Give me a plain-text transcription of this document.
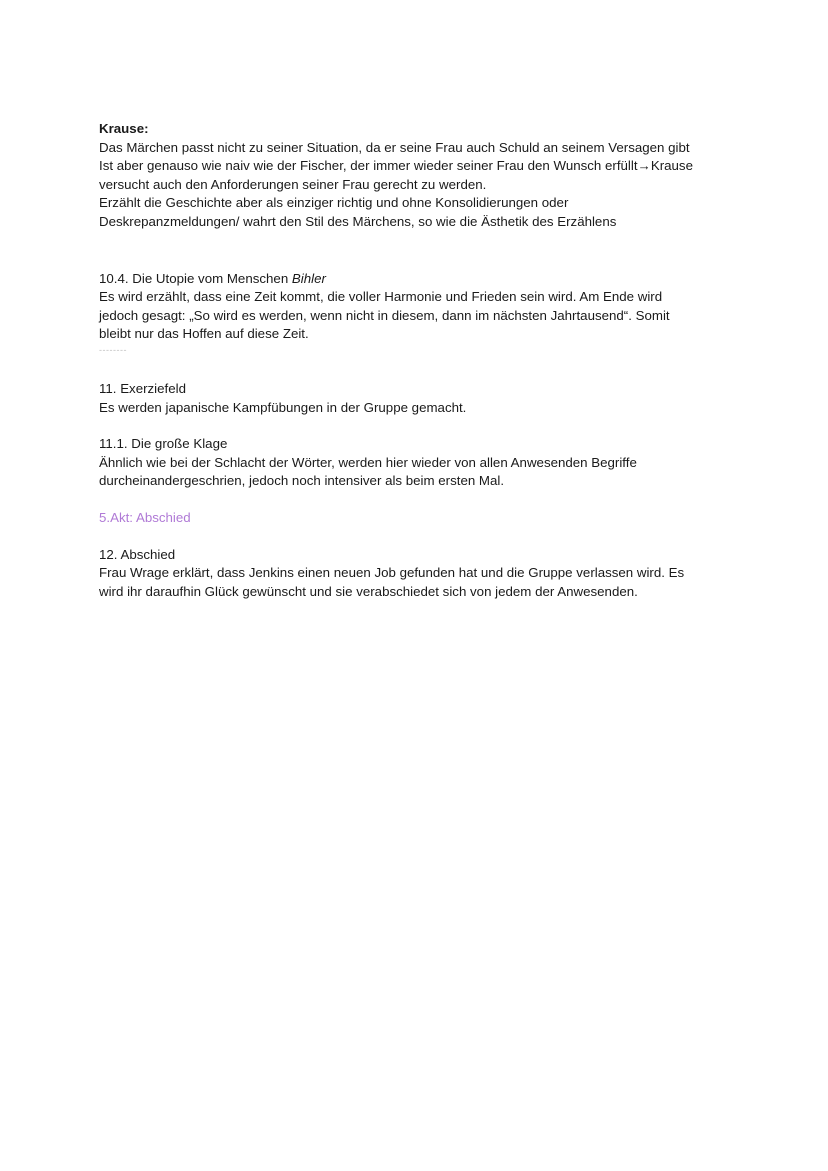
Krause:
Das Märchen passt nicht zu seiner Situation, da er seine Frau auch Schuld an seinem Versagen gibt
Ist aber genauso wie naiv wie der Fischer, der immer wieder seiner Frau den Wunsch erfüllt→Krause
versucht auch den Anforderungen seiner Frau gerecht zu werden.
Erzählt die Geschichte aber als einziger richtig und ohne Konsolidierungen oder
Deskrepanzmeldungen/ wahrt den Stil des Märchens, so wie die Ästhetik des Erzählens
10.4. Die Utopie vom Menschen Bihler
Es wird erzählt, dass eine Zeit kommt, die voller Harmonie und Frieden sein wird. Am Ende wird
jedoch gesagt: „So wird es werden, wenn nicht in diesem, dann im nächsten Jahrtausend“. Somit
bleibt nur das Hoffen auf diese Zeit.
--------
11. Exerziefeld
Es werden japanische Kampfübungen in der Gruppe gemacht.
11.1. Die große Klage
Ähnlich wie bei der Schlacht der Wörter, werden hier wieder von allen Anwesenden Begriffe
durcheinandergeschrien, jedoch noch intensiver als beim ersten Mal.
5.Akt: Abschied
12. Abschied
Frau Wrage erklärt, dass Jenkins einen neuen Job gefunden hat und die Gruppe verlassen wird. Es
wird ihr daraufhin Glück gewünscht und sie verabschiedet sich von jedem der Anwesenden.
